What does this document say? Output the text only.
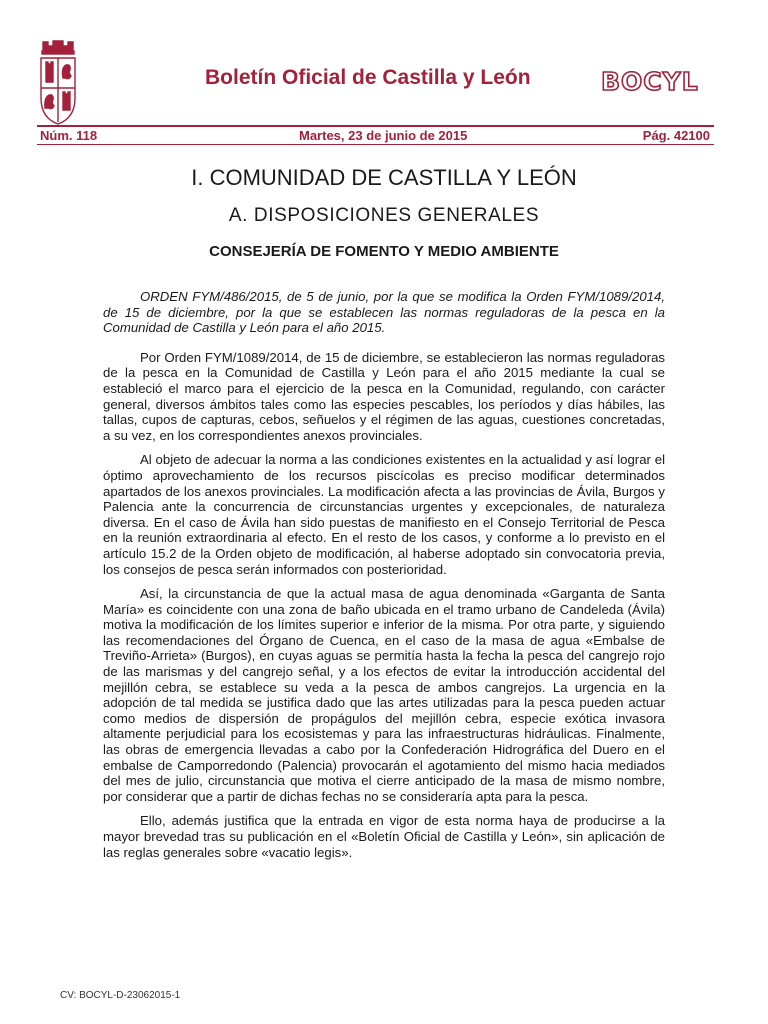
Boletín Oficial de Castilla y León	BOCYL
Núm. 118	Martes, 23 de junio de 2015	Pág. 42100
I. COMUNIDAD DE CASTILLA Y LEÓN
A. DISPOSICIONES GENERALES
CONSEJERÍA DE FOMENTO Y MEDIO AMBIENTE

ORDEN FYM/486/2015, de 5 de junio, por la que se modifica la Orden FYM/1089/2014, de 15 de diciembre, por la que se establecen las normas reguladoras de la pesca en la Comunidad de Castilla y León para el año 2015.

Por Orden FYM/1089/2014, de 15 de diciembre, se establecieron las normas reguladoras de la pesca en la Comunidad de Castilla y León para el año 2015 mediante la cual se estableció el marco para el ejercicio de la pesca en la Comunidad, regulando, con carácter general, diversos ámbitos tales como las especies pescables, los períodos y días hábiles, las tallas, cupos de capturas, cebos, señuelos y el régimen de las aguas, cuestiones concretadas, a su vez, en los correspondientes anexos provinciales.

Al objeto de adecuar la norma a las condiciones existentes en la actualidad y así lograr el óptimo aprovechamiento de los recursos piscícolas es preciso modificar determinados apartados de los anexos provinciales. La modificación afecta a las provincias de Ávila, Burgos y Palencia ante la concurrencia de circunstancias urgentes y excepcionales, de naturaleza diversa. En el caso de Ávila han sido puestas de manifiesto en el Consejo Territorial de Pesca en la reunión extraordinaria al efecto. En el resto de los casos, y conforme a lo previsto en el artículo 15.2 de la Orden objeto de modificación, al haberse adoptado sin convocatoria previa, los consejos de pesca serán informados con posterioridad.

Así, la circunstancia de que la actual masa de agua denominada «Garganta de Santa María» es coincidente con una zona de baño ubicada en el tramo urbano de Candeleda (Ávila) motiva la modificación de los límites superior e inferior de la misma. Por otra parte, y siguiendo las recomendaciones del Órgano de Cuenca, en el caso de la masa de agua «Embalse de Treviño-Arrieta» (Burgos), en cuyas aguas se permitía hasta la fecha la pesca del cangrejo rojo de las marismas y del cangrejo señal, y a los efectos de evitar la introducción accidental del mejillón cebra, se establece su veda a la pesca de ambos cangrejos. La urgencia en la adopción de tal medida se justifica dado que las artes utilizadas para la pesca pueden actuar como medios de dispersión de propágulos del mejillón cebra, especie exótica invasora altamente perjudicial para los ecosistemas y para las infraestructuras hidráulicas. Finalmente, las obras de emergencia llevadas a cabo por la Confederación Hidrográfica del Duero en el embalse de Camporredondo (Palencia) provocarán el agotamiento del mismo hacia mediados del mes de julio, circunstancia que motiva el cierre anticipado de la masa de mismo nombre, por considerar que a partir de dichas fechas no se consideraría apta para la pesca.

Ello, además justifica que la entrada en vigor de esta norma haya de producirse a la mayor brevedad tras su publicación en el «Boletín Oficial de Castilla y León», sin aplicación de las reglas generales sobre «vacatio legis».

CV: BOCYL-D-23062015-1
